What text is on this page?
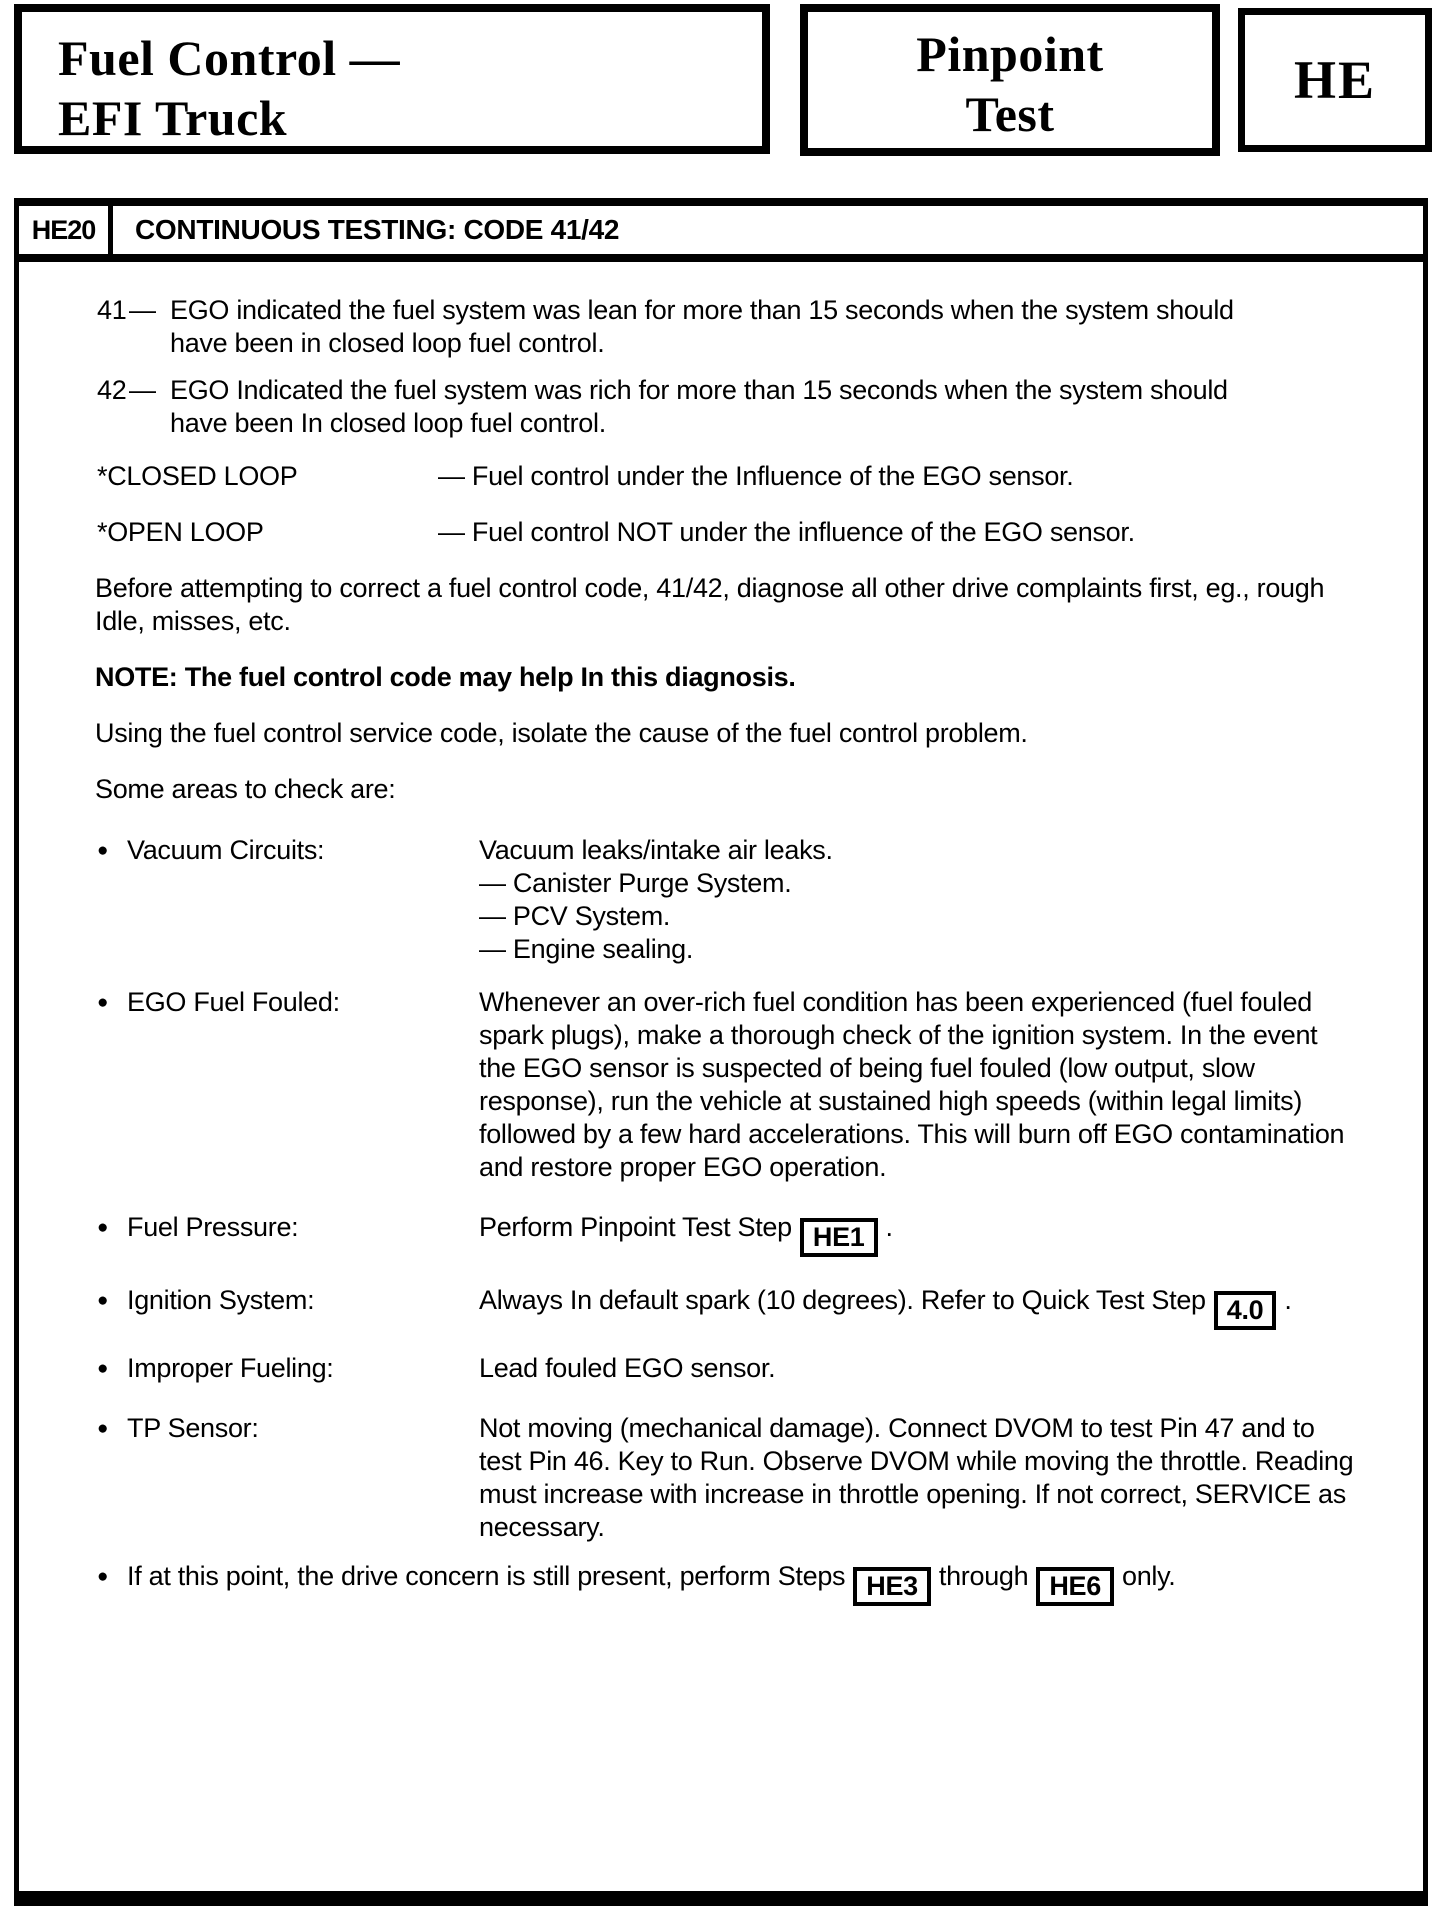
Fuel Control —
EFI Truck
Pinpoint
Test
HE
HE20	CONTINUOUS TESTING: CODE 41/42
41 — EGO indicated the fuel system was lean for more than 15 seconds when the system should have been in closed loop fuel control.
42 — EGO Indicated the fuel system was rich for more than 15 seconds when the system should have been In closed loop fuel control.
*CLOSED LOOP	— Fuel control under the Influence of the EGO sensor.
*OPEN LOOP	— Fuel control NOT under the influence of the EGO sensor.
Before attempting to correct a fuel control code, 41/42, diagnose all other drive complaints first, eg., rough Idle, misses, etc.
NOTE: The fuel control code may help In this diagnosis.
Using the fuel control service code, isolate the cause of the fuel control problem.
Some areas to check are:
● Vacuum Circuits:	Vacuum leaks/intake air leaks.
— Canister Purge System.
— PCV System.
— Engine sealing.
● EGO Fuel Fouled:	Whenever an over-rich fuel condition has been experienced (fuel fouled spark plugs), make a thorough check of the ignition system. In the event the EGO sensor is suspected of being fuel fouled (low output, slow response), run the vehicle at sustained high speeds (within legal limits) followed by a few hard accelerations. This will burn off EGO contamination and restore proper EGO operation.
● Fuel Pressure:	Perform Pinpoint Test Step HE1 .
● Ignition System:	Always In default spark (10 degrees). Refer to Quick Test Step 4.0 .
● Improper Fueling:	Lead fouled EGO sensor.
● TP Sensor:	Not moving (mechanical damage). Connect DVOM to test Pin 47 and to test Pin 46. Key to Run. Observe DVOM while moving the throttle. Reading must increase with increase in throttle opening. If not correct, SERVICE as necessary.
● If at this point, the drive concern is still present, perform Steps HE3 through HE6 only.
